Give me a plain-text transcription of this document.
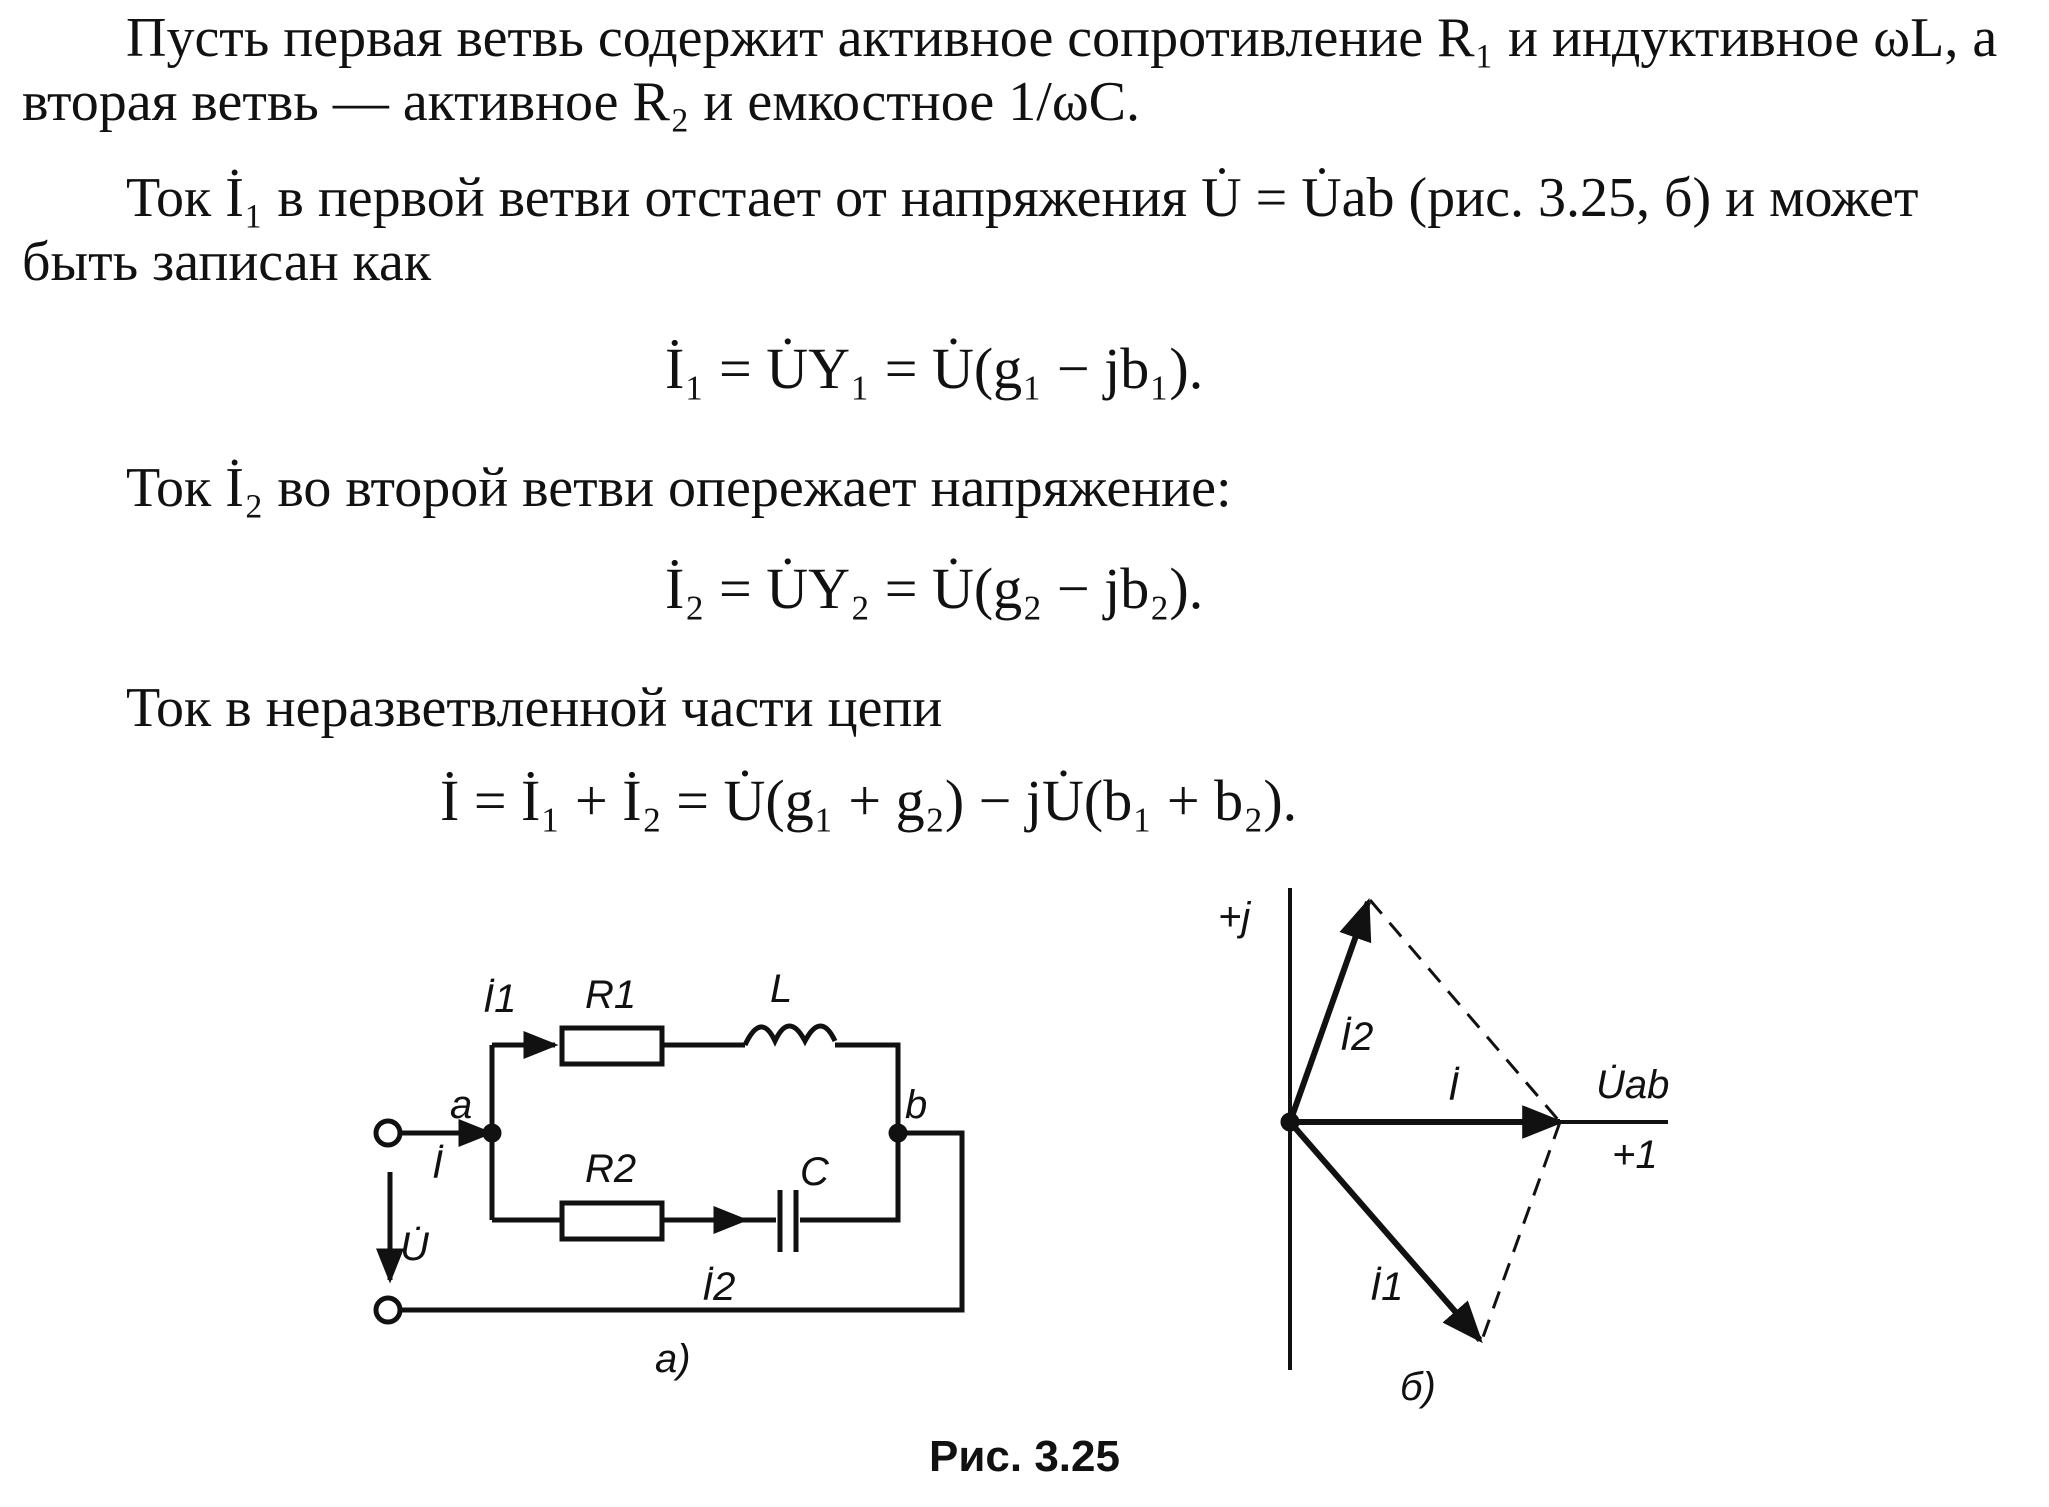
Пусть первая ветвь содержит активное сопротивление R₁ и индуктивное ωL, а вторая ветвь — активное R₂ и емкостное 1/ωC.

Ток İ₁ в первой ветви отстает от напряжения U̇ = U̇ab (рис. 3.25, б) и может быть записан как

İ₁ = U̇Y₁ = U̇(g₁ − jb₁).

Ток İ₂ во второй ветви опережает напряжение:

İ₂ = U̇Y₂ = U̇(g₂ − jb₂).

Ток в неразветвленной части цепи

İ = İ₁ + İ₂ = U̇(g₁ + g₂) − jU̇(b₁ + b₂).
İ1 R1	L
a	b
İ
U̇
R2	C
İ2
а)
+j
İ2
İ	U̇ab
+1
İ1
б)
Рис. 3.25
